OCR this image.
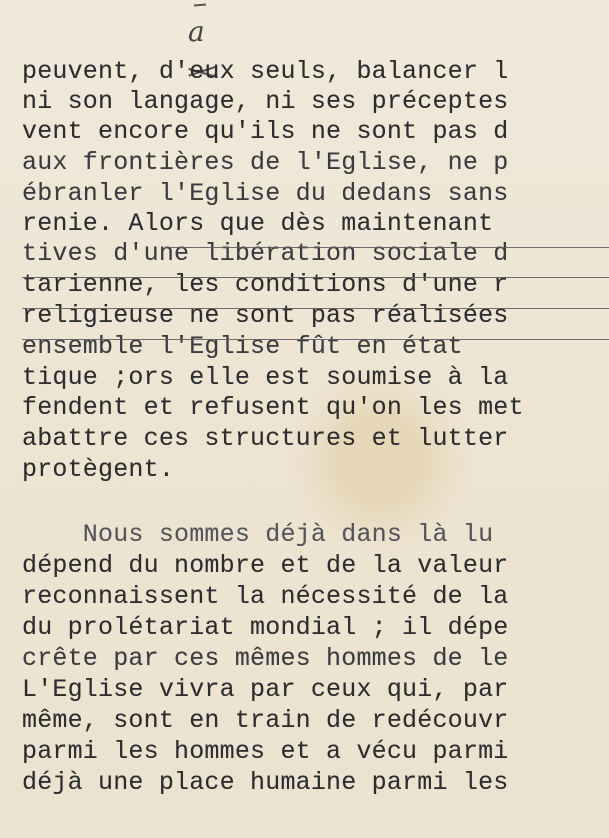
a
peuvent, d'eux seuls, balancer l
ni son langage, ni ses préceptes
vent encore qu'ils ne sont pas d
aux frontières de l'Eglise, ne p
ébranler l'Eglise du dedans sans
renie. Alors que dès maintenant
tives d'une libération sociale d
tarienne, les conditions d'une r
religieuse ne sont pas réalisées
ensemble l'Eglise fût en état
tique ;ors elle est soumise à la
fendent et refusent qu'on les met
abattre ces structures et lutter
protègent.
Nous sommes déjà dans là lu
dépend du nombre et de la valeur
reconnaissent la nécessité de la
du prolétariat mondial ; il dépe
crête par ces mêmes hommes de le
L'Eglise vivra par ceux qui, par
même, sont en train de redécouvr
parmi les hommes et a vécu parmi
déjà une place humaine parmi les
